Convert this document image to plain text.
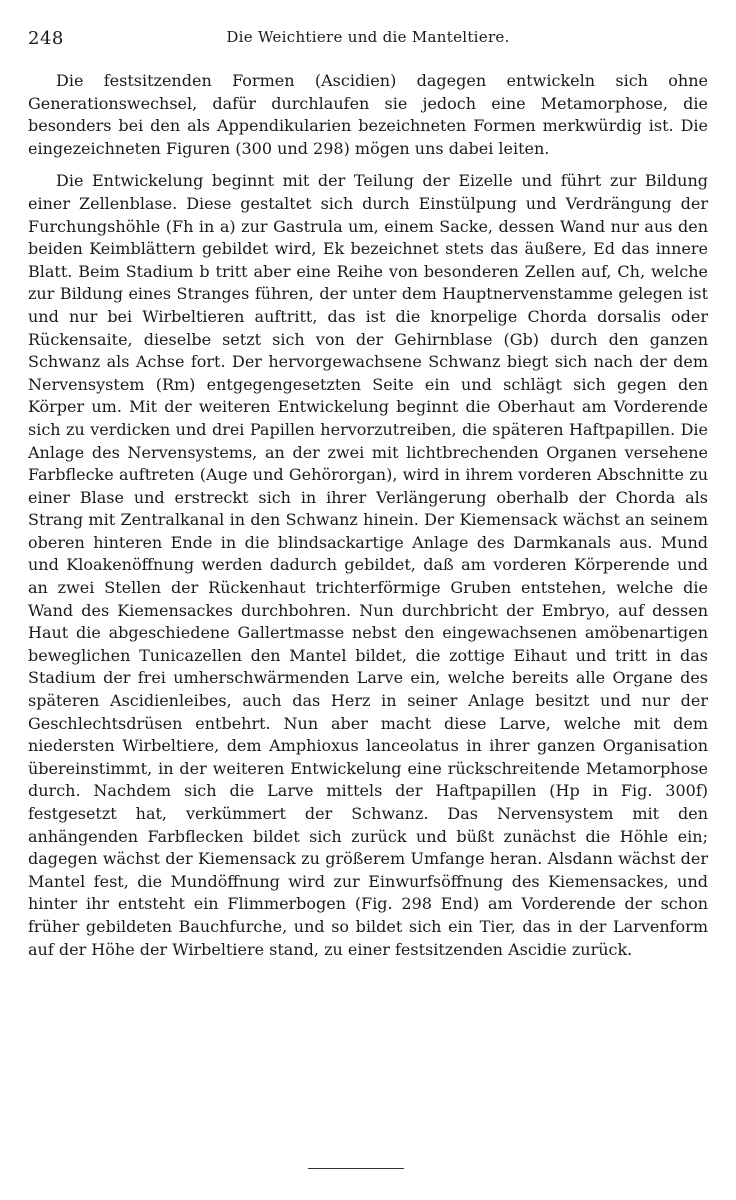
248	Die Weichtiere und die Manteltiere.

Die festsitzenden Formen (Ascidien) dagegen entwickeln sich ohne Generationswechsel, dafür durchlaufen sie jedoch eine Metamorphose, die besonders bei den als Appendikularien bezeichneten Formen merkwürdig ist. Die eingezeichneten Figuren (300 und 298) mögen uns dabei leiten.

Die Entwickelung beginnt mit der Teilung der Eizelle und führt zur Bildung einer Zellenblase. Diese gestaltet sich durch Einstülpung und Verdrängung der Furchungshöhle (Fh in a) zur Gastrula um, einem Sacke, dessen Wand nur aus den beiden Keimblättern gebildet wird, Ek bezeichnet stets das äußere, Ed das innere Blatt. Beim Stadium b tritt aber eine Reihe von besonderen Zellen auf, Ch, welche zur Bildung eines Stranges führen, der unter dem Hauptnervenstamme gelegen ist und nur bei Wirbeltieren auftritt, das ist die knorpelige Chorda dorsalis oder Rückensaite, dieselbe setzt sich von der Gehirnblase (Gb) durch den ganzen Schwanz als Achse fort. Der hervorgewachsene Schwanz biegt sich nach der dem Nervensystem (Rm) entgegengesetzten Seite ein und schlägt sich gegen den Körper um. Mit der weiteren Entwickelung beginnt die Oberhaut am Vorderende sich zu verdicken und drei Papillen hervorzutreiben, die späteren Haftpapillen. Die Anlage des Nervensystems, an der zwei mit lichtbrechenden Organen versehene Farbflecke auftreten (Auge und Gehörorgan), wird in ihrem vorderen Abschnitte zu einer Blase und erstreckt sich in ihrer Verlängerung oberhalb der Chorda als Strang mit Zentralkanal in den Schwanz hinein. Der Kiemensack wächst an seinem oberen hinteren Ende in die blindsackartige Anlage des Darmkanals aus. Mund und Kloakenöffnung werden dadurch gebildet, daß am vorderen Körperende und an zwei Stellen der Rückenhaut trichterförmige Gruben entstehen, welche die Wand des Kiemensackes durchbohren. Nun durchbricht der Embryo, auf dessen Haut die abgeschiedene Gallertmasse nebst den eingewachsenen amöbenartigen beweglichen Tunicazellen den Mantel bildet, die zottige Eihaut und tritt in das Stadium der frei umherschwärmenden Larve ein, welche bereits alle Organe des späteren Ascidienleibes, auch das Herz in seiner Anlage besitzt und nur der Geschlechtsdrüsen entbehrt. Nun aber macht diese Larve, welche mit dem niedersten Wirbeltiere, dem Amphioxus lanceolatus in ihrer ganzen Organisation übereinstimmt, in der weiteren Entwickelung eine rückschreitende Metamorphose durch. Nachdem sich die Larve mittels der Haftpapillen (Hp in Fig. 300f) festgesetzt hat, verkümmert der Schwanz. Das Nervensystem mit den anhängenden Farbflecken bildet sich zurück und büßt zunächst die Höhle ein; dagegen wächst der Kiemensack zu größerem Umfange heran. Alsdann wächst der Mantel fest, die Mundöffnung wird zur Einwurfsöffnung des Kiemensackes, und hinter ihr entsteht ein Flimmerbogen (Fig. 298 End) am Vorderende der schon früher gebildeten Bauchfurche, und so bildet sich ein Tier, das in der Larvenform auf der Höhe der Wirbeltiere stand, zu einer festsitzenden Ascidie zurück.
